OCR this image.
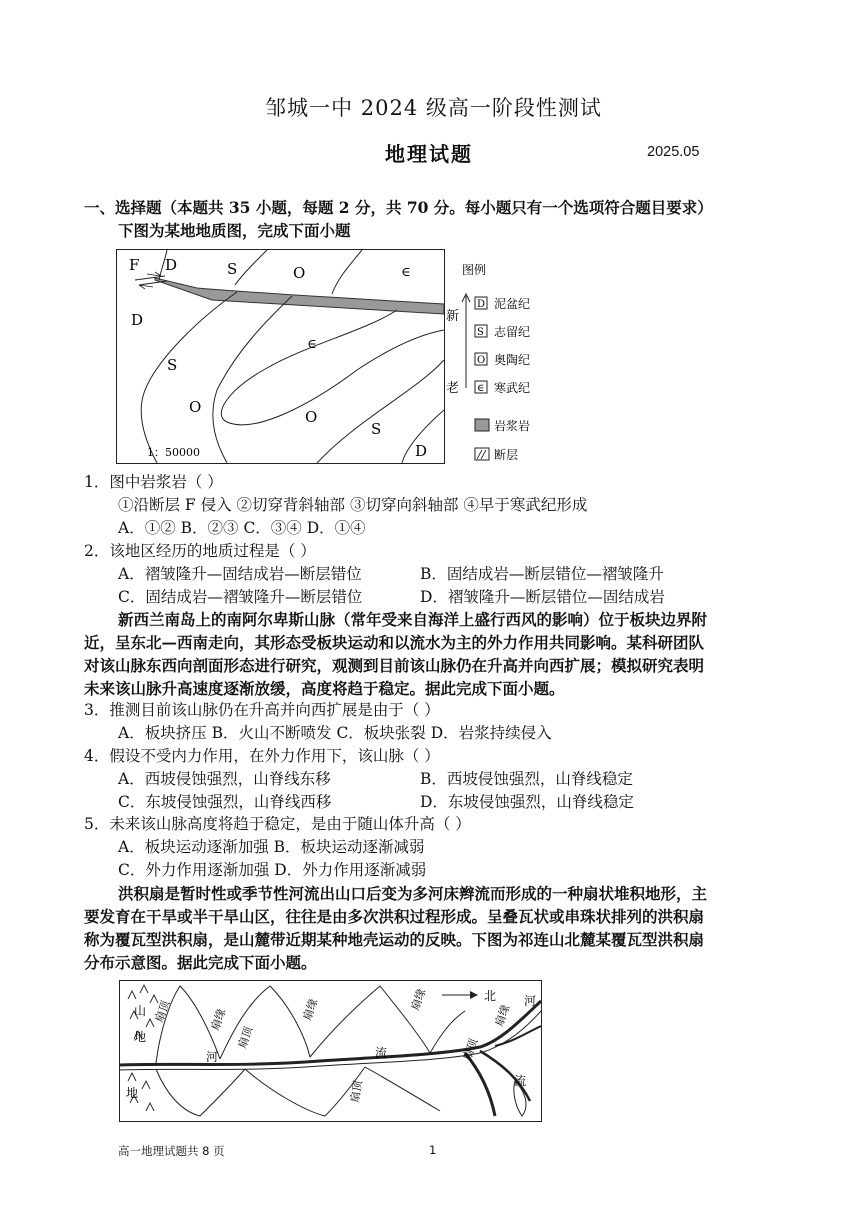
邹城一中 2024 级高一阶段性测试
地理试题	2025.05
一、选择题（本题共 35 小题，每题 2 分，共 70 分。每小题只有一个选项符合题目要求）
下图为某地地质图，完成下面小题
F D	S	O	∈
D
S
∈
O
O
S
D
1：50000
图例
新
老
D 泥盆纪
S 志留纪
O 奥陶纪
∈ 寒武纪
岩浆岩
断层
1．图中岩浆岩（ ）
①沿断层 F 侵入 ②切穿背斜轴部 ③切穿向斜轴部 ④早于寒武纪形成
A．①② B．②③ C．③④ D．①④
2．该地区经历的地质过程是（ ）
A．褶皱隆升—固结成岩—断层错位	B．固结成岩—断层错位—褶皱隆升
C．固结成岩—褶皱隆升—断层错位	D．褶皱隆升—断层错位—固结成岩
新西兰南岛上的南阿尔卑斯山脉（常年受来自海洋上盛行西风的影响）位于板块边界附
近，呈东北—西南走向，其形态受板块运动和以流水为主的外力作用共同影响。某科研团队
对该山脉东西向剖面形态进行研究，观测到目前该山脉仍在升高并向西扩展；模拟研究表明
未来该山脉升高速度逐渐放缓，高度将趋于稳定。据此完成下面小题。
3．推测目前该山脉仍在升高并向西扩展是由于（ ）
A．板块挤压 B．火山不断喷发 C．板块张裂 D．岩浆持续侵入
4．假设不受内力作用，在外力作用下，该山脉（ ）
A．西坡侵蚀强烈，山脊线东移	B．西坡侵蚀强烈，山脊线稳定
C．东坡侵蚀强烈，山脊线西移	D．东坡侵蚀强烈，山脊线稳定
5．未来该山脉高度将趋于稳定，是由于随山体升高（ ）
A．板块运动逐渐加强 B．板块运动逐渐减弱
C．外力作用逐渐加强 D．外力作用逐渐减弱
洪积扇是暂时性或季节性河流出山口后变为多河床辫流而形成的一种扇状堆积地形，主
要发育在干旱或半干旱山区，往往是由多次洪积过程形成。呈叠瓦状或串珠状排列的洪积扇
称为覆瓦型洪积扇，是山麓带近期某种地壳运动的反映。下图为祁连山北麓某覆瓦型洪积扇
分布示意图。据此完成下面小题。
山
地
地
北
扇顶	扇缘
扇顶
扇缘	扇缘
河	流
扇顶
扇顶
扇缘
河
流
高一地理试题共 8 页	1
